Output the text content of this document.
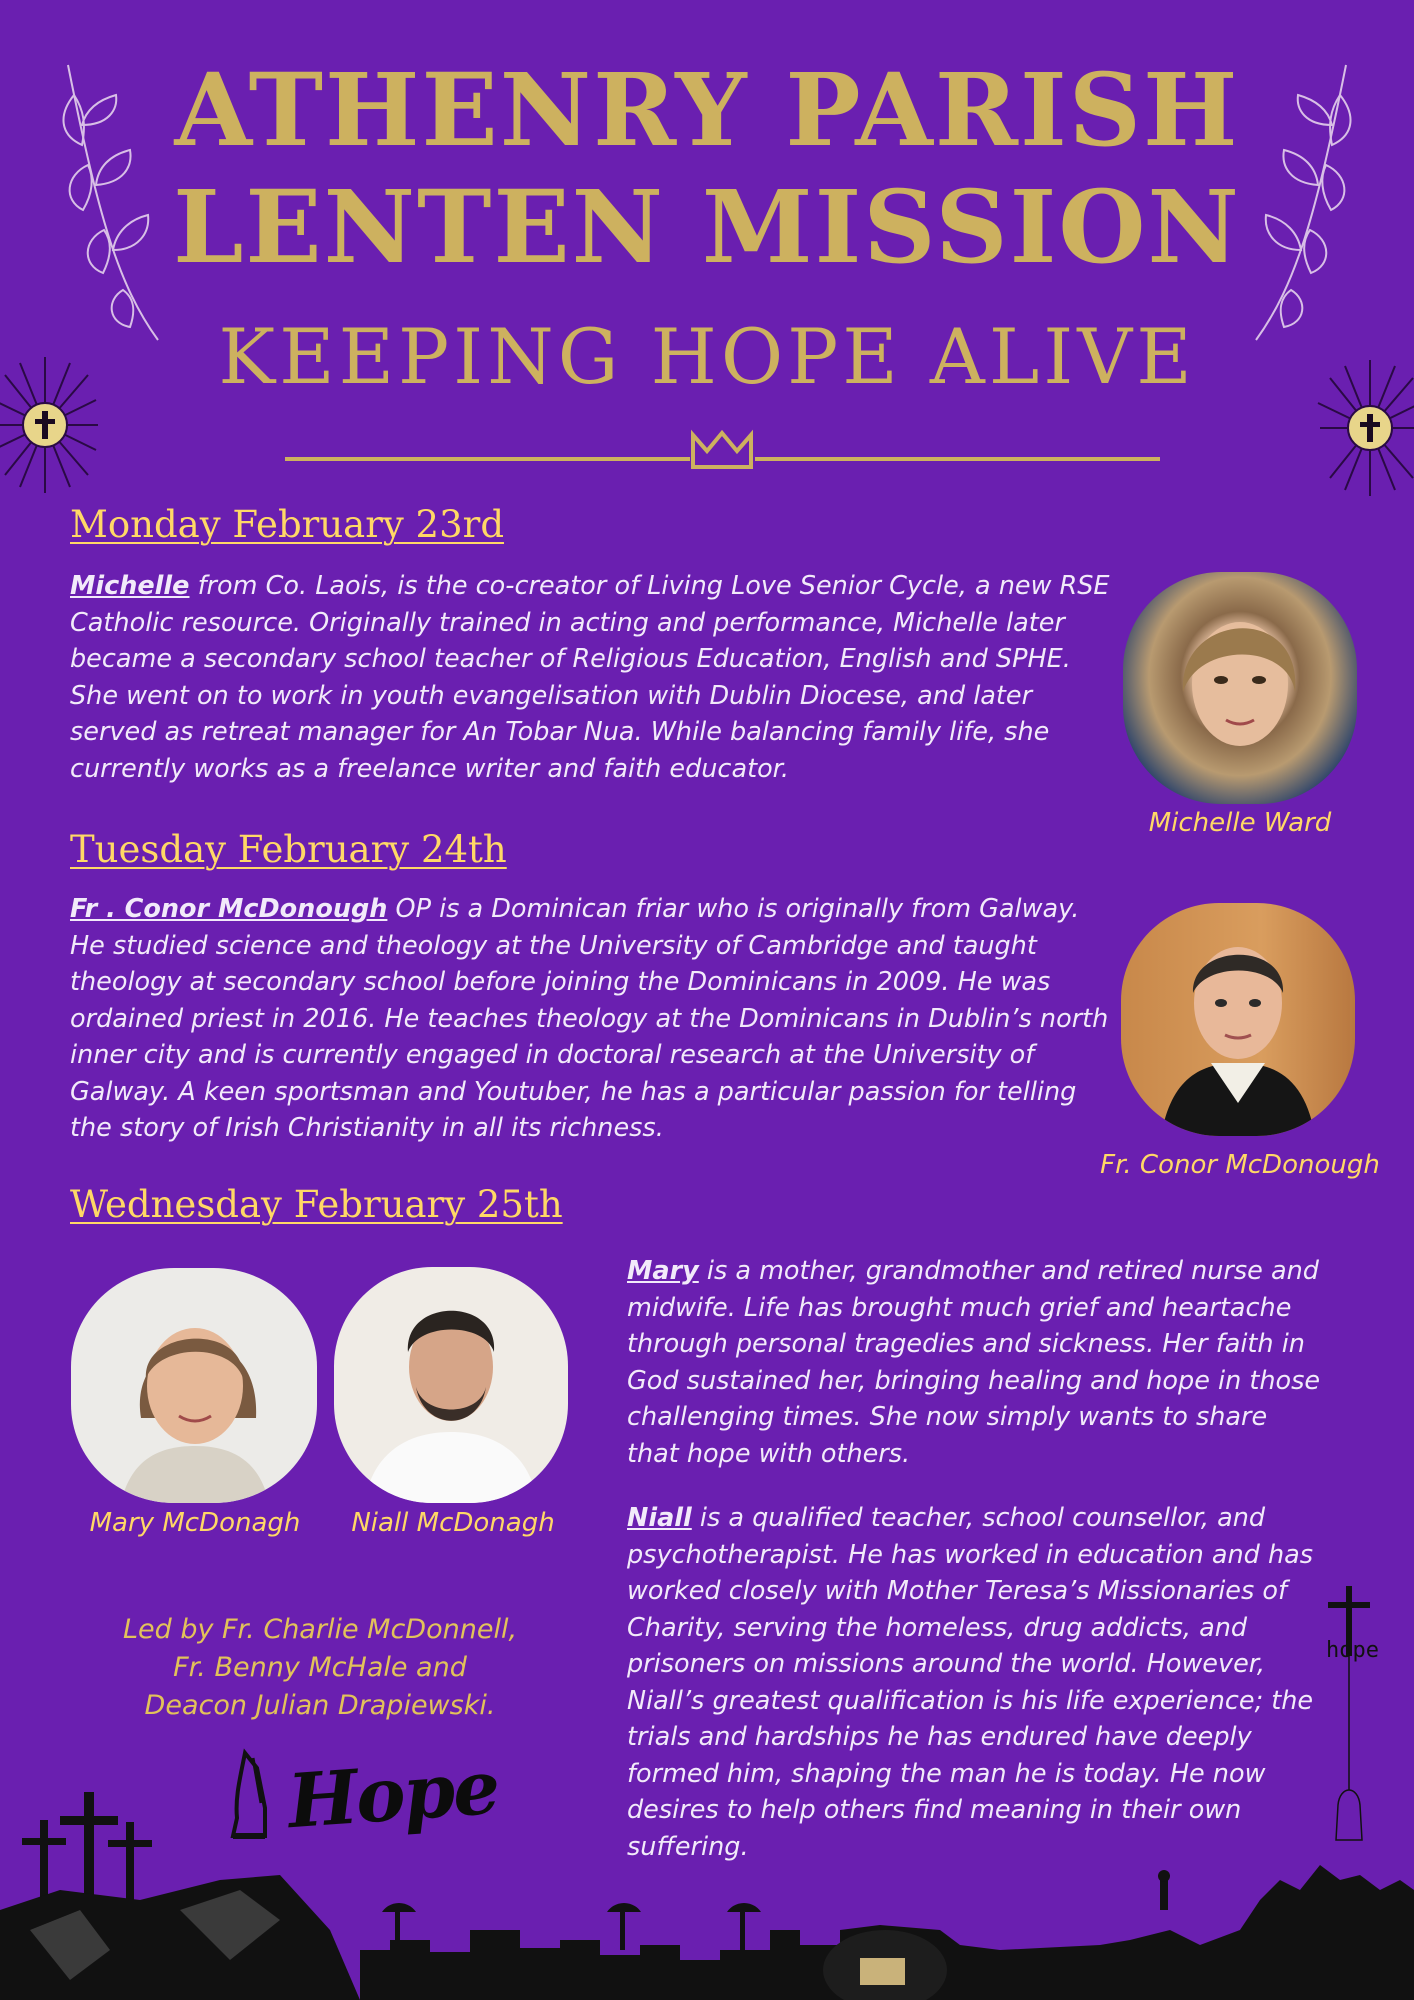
ATHENRY PARISH
LENTEN MISSION
KEEPING HOPE ALIVE
Monday February 23rd
Michelle from Co. Laois, is the co-creator of Living Love Senior Cycle, a new RSE Catholic resource. Originally trained in acting and performance, Michelle later became a secondary school teacher of Religious Education, English and SPHE. She went on to work in youth evangelisation with Dublin Diocese, and later served as retreat manager for An Tobar Nua. While balancing family life, she currently works as a freelance writer and faith educator.
Michelle Ward
Tuesday February 24th
Fr . Conor McDonough OP is a Dominican friar who is originally from Galway. He studied science and theology at the University of Cambridge and taught theology at secondary school before joining the Dominicans in 2009. He was ordained priest in 2016. He teaches theology at the Dominicans in Dublin’s north inner city and is currently engaged in doctoral research at the University of Galway. A keen sportsman and Youtuber, he has a particular passion for telling the story of Irish Christianity in all its richness.
Fr. Conor McDonough
Wednesday February 25th
Mary McDonagh	Niall McDonagh
Mary is a mother, grandmother and retired nurse and midwife. Life has brought much grief and heartache through personal tragedies and sickness. Her faith in God sustained her, bringing healing and hope in those challenging times. She now simply wants to share that hope with others.
Niall is a qualified teacher, school counsellor, and psychotherapist. He has worked in education and has worked closely with Mother Teresa’s Missionaries of Charity, serving the homeless, drug addicts, and prisoners on missions around the world. However, Niall’s greatest qualification is his life experience; the trials and hardships he has endured have deeply formed him, shaping the man he is today. He now desires to help others find meaning in their own suffering.
Led by Fr. Charlie McDonnell,
Fr. Benny McHale and
Deacon Julian Drapiewski.
Hope
hope
